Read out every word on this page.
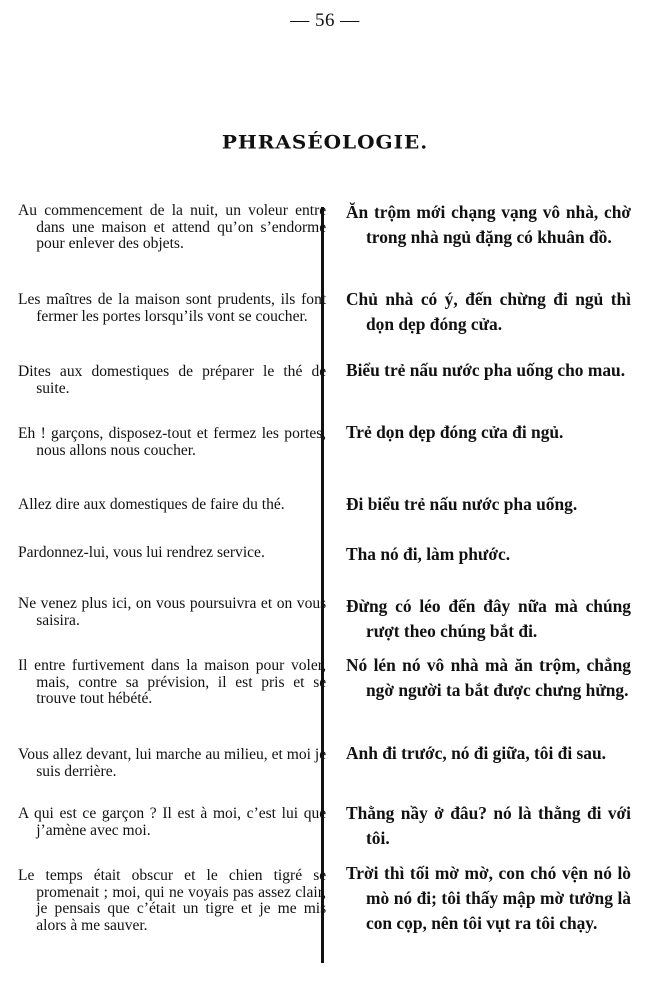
— 56 —
PHRASÉOLOGIE.
Au commencement de la nuit, un voleur entre dans une maison et attend qu’on s’endorme pour enlever des objets.
Les maîtres de la maison sont prudents, ils font fermer les portes lorsqu’ils vont se coucher.
Dites aux domestiques de préparer le thé de suite.
Eh ! garçons, disposez-tout et fermez les portes, nous allons nous coucher.
Allez dire aux domestiques de faire du thé.
Pardonnez-lui, vous lui rendrez service.
Ne venez plus ici, on vous poursuivra et on vous saisira.
Il entre furtivement dans la maison pour voler, mais, contre sa prévision, il est pris et se trouve tout hébété.
Vous allez devant, lui marche au milieu, et moi je suis derrière.
A qui est ce garçon ? Il est à moi, c’est lui que j’amène avec moi.
Le temps était obscur et le chien tigré se promenait ; moi, qui ne voyais pas assez clair, je pensais que c’était un tigre et je me mis alors à me sauver.
Ăn trộm mới chạng vạng vô nhà, chờ trong nhà ngủ đặng có khuân đồ.
Chủ nhà có ý, đến chừng đi ngủ thì dọn dẹp đóng cửa.
Biểu trẻ nấu nước pha uống cho mau.
Trẻ dọn dẹp đóng cửa đi ngủ.
Đi biểu trẻ nấu nước pha uống.
Tha nó đi, làm phước.
Đừng có léo đến đây nữa mà chúng rượt theo chúng bắt đi.
Nó lén nó vô nhà mà ăn trộm, chẳng ngờ người ta bắt được chưng hửng.
Anh đi trước, nó đi giữa, tôi đi sau.
Thằng nầy ở đâu? nó là thằng đi với tôi.
Trời thì tối mờ mờ, con chó vện nó lò mò nó đi; tôi thấy mập mờ tưởng là con cọp, nên tôi vụt ra tôi chạy.
